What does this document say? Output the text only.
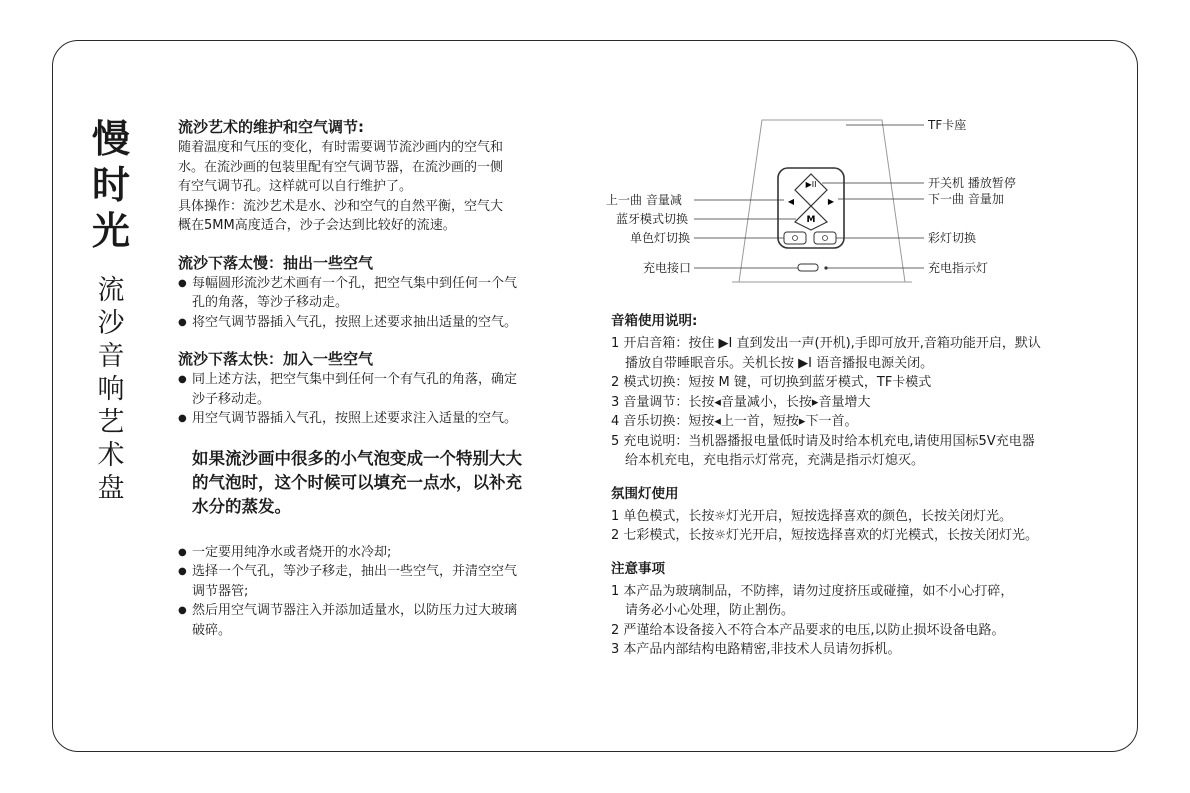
慢
时
光
流
沙
音
响
艺
术
盘
流沙艺术的维护和空气调节:

随着温度和气压的变化，有时需要调节流沙画内的空气和

水。在流沙画的包装里配有空气调节器，在流沙画的一侧

有空气调节孔。这样就可以自行维护了。

具体操作：流沙艺术是水、沙和空气的自然平衡，空气大

概在5MM高度适合，沙子会达到比较好的流速。

流沙下落太慢：抽出一些空气

● 每幅圆形流沙艺术画有一个孔，把空气集中到任何一个气

孔的角落，等沙子移动走。

● 将空气调节器插入气孔，按照上述要求抽出适量的空气。

流沙下落太快：加入一些空气

● 同上述方法，把空气集中到任何一个有气孔的角落，确定

沙子移动走。

● 用空气调节器插入气孔，按照上述要求注入适量的空气。

如果流沙画中很多的小气泡变成一个特别大大

的气泡时，这个时候可以填充一点水，以补充

水分的蒸发。

● 一定要用纯净水或者烧开的水冷却;

● 选择一个气孔，等沙子移走，抽出一些空气，并清空空气

调节器管;

● 然后用空气调节器注入并添加适量水，以防压力过大玻璃

破碎。

▶II
◀	▶
M
TF卡座
开关机 播放暂停
下一曲 音量加
上一曲 音量减
蓝牙模式切换
单色灯切换	彩灯切换
充电接口	充电指示灯

音箱使用说明:

1 开启音箱：按住 ▶I 直到发出一声(开机),手即可放开,音箱功能开启，默认

播放自带睡眠音乐。关机长按 ▶I 语音播报电源关闭。

2 模式切换：短按 M 键，可切换到蓝牙模式，TF卡模式

3 音量调节：长按◂音量减小，长按▸音量增大

4 音乐切换：短按◂上一首，短按▸下一首。

5 充电说明：当机器播报电量低时请及时给本机充电,请使用国标5V充电器

给本机充电，充电指示灯常亮，充满是指示灯熄灭。

氛围灯使用

1 单色模式，长按☼灯光开启，短按选择喜欢的颜色，长按关闭灯光。

2 七彩模式，长按☼灯光开启，短按选择喜欢的灯光模式，长按关闭灯光。

注意事项

1 本产品为玻璃制品，不防摔，请勿过度挤压或碰撞，如不小心打碎，

请务必小心处理，防止割伤。

2 严谨给本设备接入不符合本产品要求的电压,以防止损坏设备电路。

3 本产品内部结构电路精密,非技术人员请勿拆机。
